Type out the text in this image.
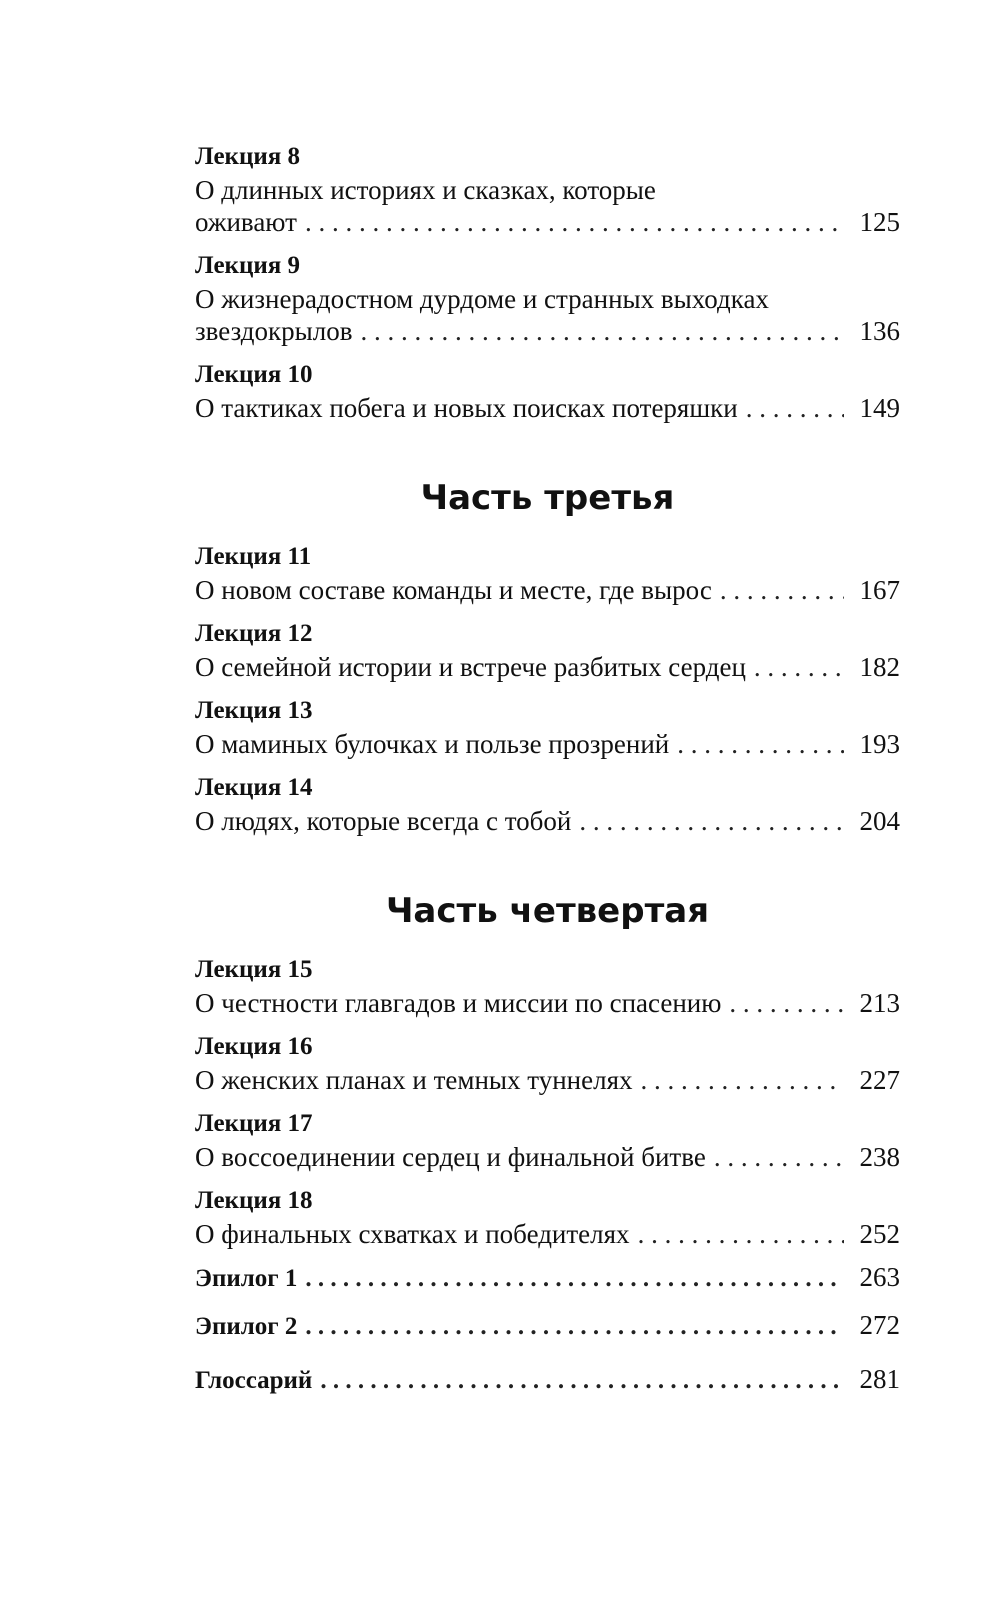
Лекция 8
О длинных историях и сказках, которые
оживают . . .	125
Лекция 9
О жизнерадостном дурдоме и странных выходках
звездокрылов . . .	136
Лекция 10
О тактиках побега и новых поисках потеряшки . . .	149
Часть третья
Лекция 11
О новом составе команды и месте, где вырос . . .	167
Лекция 12
О семейной истории и встрече разбитых сердец . . .	182
Лекция 13
О маминых булочках и пользе прозрений . . .	193
Лекция 14
О людях, которые всегда с тобой . . .	204
Часть четвертая
Лекция 15
О честности главгадов и миссии по спасению . . .	213
Лекция 16
О женских планах и темных туннелях . . .	227
Лекция 17
О воссоединении сердец и финальной битве . . .	238
Лекция 18
О финальных схватках и победителях . . .	252
Эпилог 1 . . .	263
Эпилог 2 . . .	272
Глоссарий . . .	281
